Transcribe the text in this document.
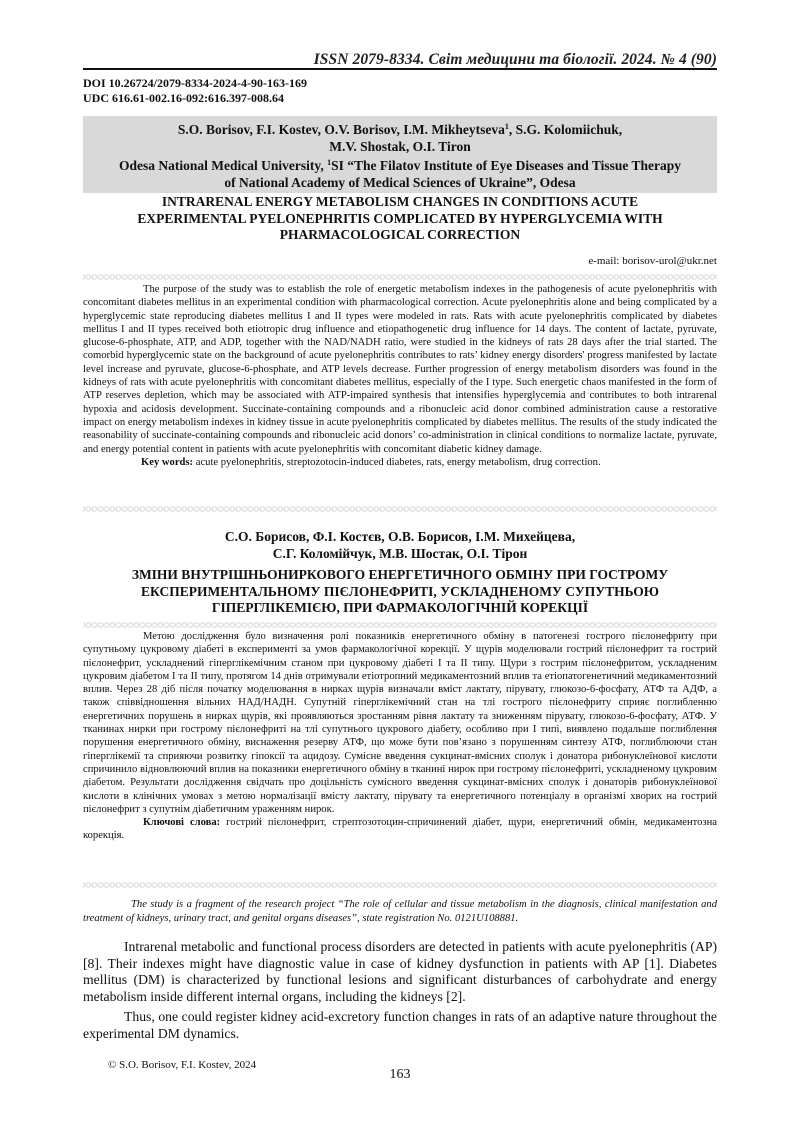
ISSN 2079-8334. Світ медицини та біології. 2024. № 4 (90)
DOI 10.26724/2079-8334-2024-4-90-163-169
UDC 616.61-002.16-092:616.397-008.64
S.O. Borisov, F.I. Kostev, O.V. Borisov, I.M. Mikheytseva$^1$, S.G. Kolomiichuk,
M.V. Shostak, O.I. Tiron
Odesa National Medical University, $^1$SI “The Filatov Institute of Eye Diseases and Tissue Therapy
of National Academy of Medical Sciences of Ukraine”, Odesa
INTRARENAL ENERGY METABOLISM CHANGES IN CONDITIONS ACUTE
EXPERIMENTAL PYELONEPHRITIS COMPLICATED BY HYPERGLYCEMIA WITH
PHARMACOLOGICAL CORRECTION
e-mail: borisov-urol@ukr.net

The purpose of the study was to establish the role of energetic metabolism indexes in the pathogenesis of acute pyelonephritis with concomitant diabetes mellitus in an experimental condition with pharmacological correction. Acute pyelonephritis alone and being complicated by a hyperglycemic state reproducing diabetes mellitus I and II types were modeled in rats. Rats with acute pyelonephritis complicated by diabetes mellitus I and II types received both etiotropic drug influence and etiopathogenetic drug influence for 14 days. The content of lactate, pyruvate, glucose-6-phosphate, ATP, and ADP, together with the NAD/NADH ratio, were studied in the kidneys of rats 28 days after the trial started. The comorbid hyperglycemic state on the background of acute pyelonephritis contributes to rats’ kidney energy disorders' progress manifested by lactate level increase and pyruvate, glucose-6-phosphate, and ATP levels decrease. Further progression of energy metabolism disorders was found in the kidneys of rats with acute pyelonephritis with concomitant diabetes mellitus, especially of the I type. Such energetic chaos manifested in the form of ATP reserves depletion, which may be associated with ATP-impaired synthesis that intensifies hyperglycemia and contributes to both intrarenal hypoxia and acidosis development. Succinate-containing compounds and a ribonucleic acid donor combined administration cause a restorative impact on energy metabolism indexes in kidney tissue in acute pyelonephritis complicated by diabetes mellitus. The results of the study indicated the reasonability of succinate-containing compounds and ribonucleic acid donors’ co-administration in clinical conditions to normalize lactate, pyruvate, and energy potential content in patients with acute pyelonephritis with concomitant diabetic kidney damage.

Key words: acute pyelonephritis, streptozotocin-induced diabetes, rats, energy metabolism, drug correction.

С.О. Борисов, Ф.І. Костєв, О.В. Борисов, І.М. Михейцева,
С.Г. Коломійчук, М.В. Шостак, О.І. Тірон
ЗМІНИ ВНУТРІШНЬОНИРКОВОГО ЕНЕРГЕТИЧНОГО ОБМІНУ ПРИ ГОСТРОМУ
ЕКСПЕРИМЕНТАЛЬНОМУ ПІЄЛОНЕФРИТІ, УСКЛАДНЕНОМУ СУПУТНЬОЮ
ГІПЕРГЛІКЕМІЄЮ, ПРИ ФАРМАКОЛОГІЧНІЙ КОРЕКЦІЇ

Метою дослідження було визначення ролі показників енергетичного обміну в патогенезі гострого пієлонефриту при супутньому цукровому діабеті в експерименті за умов фармакологічної корекції. У щурів моделювали гострий пієлонефрит та гострий пієлонефрит, ускладнений гіперглікемічним станом при цукровому діабеті I та II типу. Щури з гострим пієлонефритом, ускладненим цукровим діабетом I та II типу, протягом 14 днів отримували етіотропний медикаментозний вплив та етіопатогенетичний медикаментозний вплив. Через 28 діб після початку моделювання в нирках щурів визначали вміст лактату, пірувату, глюкозо-6-фосфату, АТФ та АДФ, а також співвідношення вільних НАД/НАДН. Супутній гіперглікемічний стан на тлі гострого пієлонефриту сприяє поглибленню енергетичних порушень в нирках щурів, які проявляються зростанням рівня лактату та зниженням пірувату, глюкозо-6-фосфату, АТФ. У тканинах нирки при гострому пієлонефриті на тлі супутнього цукрового діабету, особливо при I типі, виявлено подальше поглиблення порушення енергетичного обміну, виснаження резерву АТФ, що може бути пов’язано з порушенням синтезу АТФ, поглиблюючи стан гіперглікемії та сприяючи розвитку гіпоксії та ацидозу. Сумісне введення сукцинат-вмісних сполук і донатора рибонуклеїнової кислоти спричинило відновлюючий вплив на показники енергетичного обміну в тканині нирок при гострому пієлонефриті, ускладненому цукровим діабетом. Результати дослідження свідчать про доцільність сумісного введення сукцинат-вмісних сполук і донаторів рибонуклеїнової кислоти в клінічних умовах з метою нормалізації вмісту лактату, пірувату та енергетичного потенціалу в організмі хворих на гострий пієлонефрит з супутнім діабетичним ураженням нирок.

Ключові слова: гострий пієлонефрит, стрептозотоцин-спричинений діабет, щури, енергетичний обмін, медикаментозна корекція.

The study is a fragment of the research project “The role of cellular and tissue metabolism in the diagnosis, clinical manifestation and treatment of kidneys, urinary tract, and genital organs diseases”, state registration No. 0121U108881.

Intrarenal metabolic and functional process disorders are detected in patients with acute pyelonephritis (AP) [8]. Their indexes might have diagnostic value in case of kidney dysfunction in patients with AP [1]. Diabetes mellitus (DM) is characterized by functional lesions and significant disturbances of carbohydrate and energy metabolism inside different internal organs, including the kidneys [2].

Thus, one could register kidney acid-excretory function changes in rats of an adaptive nature throughout the experimental DM dynamics.

© S.O. Borisov, F.I. Kostev, 2024
163
